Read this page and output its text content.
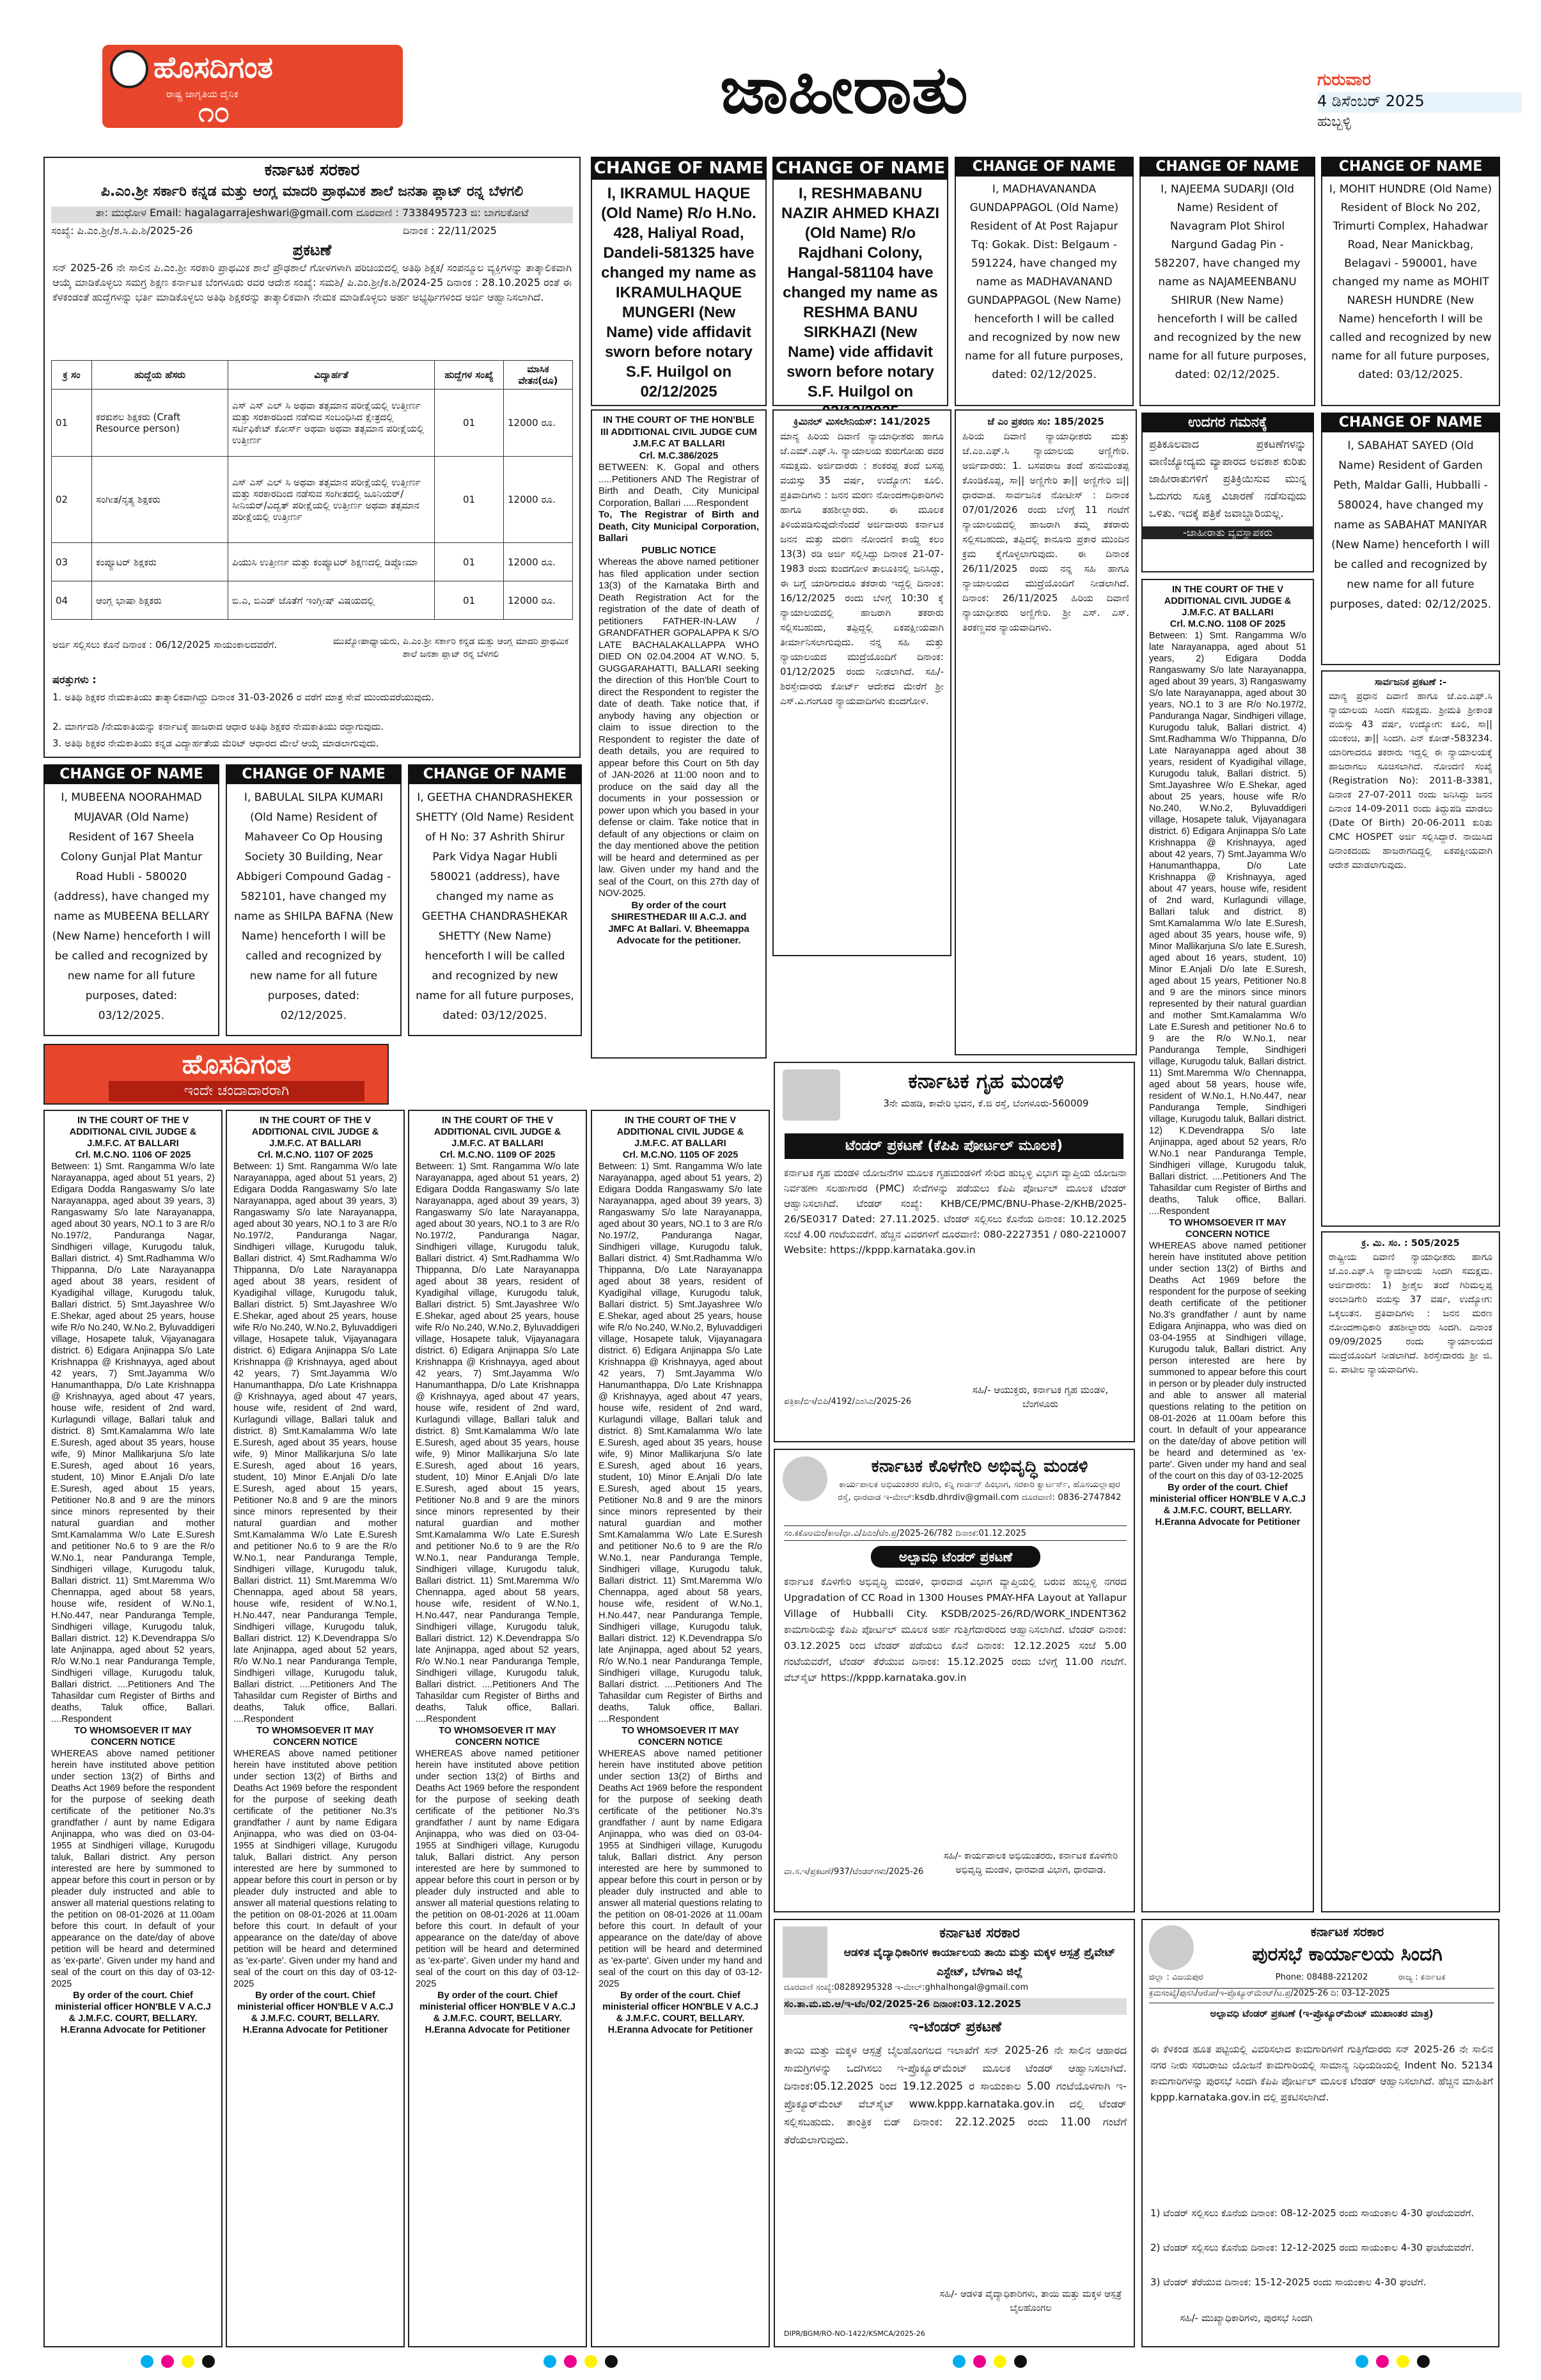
ಹೊಸದಿಗಂತ
ರಾಷ್ಟ್ರ ಜಾಗೃತಿಯ ದೈನಿಕ
೧೦	ಜಾಹೀರಾತು	ಗುರುವಾರ
4 ಡಿಸೆಂಬರ್ 2025
ಹುಬ್ಬಳ್ಳಿ
ಕರ್ನಾಟಕ ಸರಕಾರ
ಪಿ.ಎಂ.ಶ್ರೀ ಸರ್ಕಾರಿ ಕನ್ನಡ ಮತ್ತು ಆಂಗ್ಲ ಮಾದರಿ ಪ್ರಾಥಮಿಕ ಶಾಲೆ ಜನತಾ ಪ್ಲಾಟ್ ರನ್ನ ಬೆಳಗಲಿ
ತಾ: ಮುಧೋಳ Email: hagalagarrajeshwari@gmail.com ದೂರವಾಣಿ : 7338495723 ಜಿ: ಬಾಗಲಕೋಟೆ
ಸಂಖ್ಯೆ: ಪಿ.ಎಂ.ಶ್ರೀ/ಶ.ಸಿ.ಪಿ.ಶಿ/2025-26	ದಿನಾಂಕ : 22/11/2025
ಪ್ರಕಟಣೆ
ಸನ್ 2025-26 ನೇ ಸಾಲಿನ ಪಿ.ಎಂ.ಶ್ರೀ ಸರಕಾರಿ ಪ್ರಾಥಮಿಕ ಶಾಲೆ ಪ್ರೌಢಶಾಲೆ ಗೋಳಗಳಾಗಿ ಪರಿಚಿಯದಲ್ಲಿ ಅತಿಥಿ ಶಿಕ್ಷಕ/ ಸಂಪನ್ಮೂಲ ವ್ಯಕ್ತಿಗಳನ್ನು ತಾತ್ಕಾಲಿಕವಾಗಿ ಆಯ್ಕೆ ಮಾಡಿಕೊಳ್ಳಲು ಸಮಗ್ರ ಶಿಕ್ಷಣ ಕರ್ನಾಟಕ ಬೆಂಗಳೂರು ರವರ ಆದೇಶ ಸಂಖ್ಯೆ: ಸಮಶಿ/ ಪಿ.ಎಂ.ಶ್ರೀ/ಕ.ಶಿ/2024-25 ದಿನಾಂಕ : 28.10.2025 ರಂತೆ ಈ ಕೆಳಕಂಡಂತೆ ಹುದ್ದೆಗಳನ್ನು ಭರ್ತಿ ಮಾಡಿಕೊಳ್ಳಲು ಅತಿಥಿ ಶಿಕ್ಷಕರನ್ನು ತಾತ್ಕಾಲಿಕವಾಗಿ ನೇಮಕ ಮಾಡಿಕೊಳ್ಳಲು ಅರ್ಹ ಅಭ್ಯರ್ಥಿಗಳಿಂದ ಅರ್ಜಿ ಆಹ್ವಾನಿಸಲಾಗಿದೆ.
ಕ್ರ ಸಂ	ಹುದ್ದೆಯ ಹೆಸರು	ವಿದ್ಯಾರ್ಹತೆ	ಹುದ್ದೆಗಳ ಸಂಖ್ಯೆ	ಮಾಸಿಕ ವೇತನ(ರೂ)
01	ಕರಕುಶಲ ಶಿಕ್ಷಕರು (Craft Resource person)	ಎಸ್ ಎಸ್ ಎಲ್ ಸಿ ಅಥವಾ ತತ್ಸಮಾನ ಪರೀಕ್ಷೆಯಲ್ಲಿ ಉತ್ತೀರ್ಣ ಮತ್ತು ಸರಕಾರದಿಂದ ನಡೆಸುವ ಸಂಬಂಧಿಸಿದ ಕ್ಷೇತ್ರದಲ್ಲಿ ಸರ್ಟಿಫಿಕೇಟ್ ಕೋರ್ಸ್ ಅಥವಾ ಅಥವಾ ತತ್ಸಮಾನ ಪರೀಕ್ಷೆಯಲ್ಲಿ ಉತ್ತೀರ್ಣ	01	12000 ರೂ.
02	ಸಂಗೀತ/ನೃತ್ಯ ಶಿಕ್ಷಕರು	ಎಸ್ ಎಸ್ ಎಲ್ ಸಿ ಅಥವಾ ತತ್ಸಮಾನ ಪರೀಕ್ಷೆಯಲ್ಲಿ ಉತ್ತೀರ್ಣ ಮತ್ತು ಸರಕಾರದಿಂದ ನಡೆಸುವ ಸಂಗೀತದಲ್ಲಿ ಜೂನಿಯರ್/ಸೀನಿಯರ್/ವಿದ್ವತ್ ಪರೀಕ್ಷೆಯಲ್ಲಿ ಉತ್ತೀರ್ಣ ಅಥವಾ ತತ್ಸಮಾನ ಪರೀಕ್ಷೆಯಲ್ಲಿ ಉತ್ತೀರ್ಣ	01	12000 ರೂ.
03	ಕಂಪ್ಯೂಟರ್ ಶಿಕ್ಷಕರು	ಪಿಯುಸಿ ಉತ್ತೀರ್ಣ ಮತ್ತು ಕಂಪ್ಯೂಟರ್ ಶಿಕ್ಷಣದಲ್ಲಿ ಡಿಪ್ಲೋಮಾ	01	12000 ರೂ.
04	ಆಂಗ್ಲ ಭಾಷಾ ಶಿಕ್ಷಕರು	ಬಿ.ಎ, ಬಿಎಡ್ ಜೊತೆಗೆ ಇಂಗ್ಲೀಷ್ ವಿಷಯದಲ್ಲಿ	01	12000 ರೂ.
ಅರ್ಜಿ ಸಲ್ಲಿಸಲು ಕೊನೆ ದಿನಾಂಕ : 06/12/2025 ಸಾಯಂಕಾಲದವರೆಗೆ.	ಮುಖ್ಯೋಪಾಧ್ಯಾಯರು, ಪಿ.ಎಂ.ಶ್ರೀ ಸರ್ಕಾರಿ ಕನ್ನಡ ಮತ್ತು ಆಂಗ್ಲ ಮಾದರಿ ಪ್ರಾಥಮಿಕ ಶಾಲೆ ಜನತಾ ಪ್ಲಾಟ್ ರನ್ನ ಬೆಳಗಲಿ
ಷರತ್ತುಗಳು :
1. ಅತಿಥಿ ಶಿಕ್ಷಕರ ನೇಮಕಾತಿಯು ತಾತ್ಕಾಲಿಕವಾಗಿದ್ದು ದಿನಾಂಕ 31-03-2026 ರ ವರೆಗೆ ಮಾತ್ರ ಸೇವೆ ಮುಂದುವರೆಯುವುದು.
2. ಮಾರ್ಗದಶಿ /ನೇಮಕಾತಿಯನ್ನು ಕರ್ನಾಟಕ್ಕೆ ಹಾಜರಾದ ಆಧಾರ ಅತಿಥಿ ಶಿಕ್ಷಕರ ನೇಮಕಾತಿಯು ರದ್ದಾಗುವುದು.
3. ಅತಿಥಿ ಶಿಕ್ಷಕರ ನೇಮಕಾತಿಯು ಕನ್ನಡ ವಿದ್ಯಾರ್ಹತೆಯ ಮೆರಿಟ್ ಆಧಾರದ ಮೇಲೆ ಆಯ್ಕೆ ಮಾಡಲಾಗುವುದು.
CHANGE OF NAME
I, IKRAMUL HAQUE (Old Name) R/o H.No. 428, Haliyal Road, Dandeli-581325 have changed my name as IKRAMULHAQUE MUNGERI (New Name) vide affidavit sworn before notary S.F. Huilgol on 02/12/2025
CHANGE OF NAME
I, RESHMABANU NAZIR AHMED KHAZI (Old Name) R/o Rajdhani Colony, Hangal-581104 have changed my name as RESHMA BANU SIRKHAZI (New Name) vide affidavit sworn before notary S.F. Huilgol on
CHANGE OF NAME
I, MADHAVANANDA GUNDAPPAGOL (Old Name) Resident of At Post Rajapur Tq: Gokak. Dist: Belgaum - 591224, have changed my name as MADHAVANAND GUNDAPPAGOL (New Name) henceforth I will be called and recognized by now new name for all future purposes, dated: 02/12/2025.
CHANGE OF NAME
I, NAJEEMA SUDARJI (Old Name) Resident of Navagram Plot Shirol Nargund Gadag Pin - 582207, have changed my name as NAJAMEENBANU SHIRUR (New Name) henceforth I will be called and recognized by the new name for all future purposes, dated: 02/12/2025.
CHANGE OF NAME
I, MOHIT HUNDRE (Old Name) Resident of Block No 202, Trimurti Complex, Hahadwar Road, Near Manickbag, Belagavi - 590001, have changed my name as MOHIT NARESH HUNDRE (New Name) henceforth I will be called and recognized by new name for all future purposes, dated: 03/12/2025.
IN THE COURT OF THE HON'BLE III ADDITIONAL CIVIL JUDGE CUM J.M.F.C AT BALLARI
Crl. M.C.386/2025
BETWEEN: K. Gopal and others .....Petitioners AND The Registrar of Birth and Death, City Municipal Corporation, Ballari .....Respondent
To, The Registrar of Birth and Death, City Municipal Corporation, Ballari
PUBLIC NOTICE
Whereas the above named petitioner has filed application under section 13(3) of the Karnataka Birth and Death Registration Act for the registration of the date of death of petitioners FATHER-IN-LAW / GRANDFATHER GOPALAPPA K S/O LATE BACHALAKALLAPPA WHO DIED ON 02.04.2004 AT W.NO. 5, GUGGARAHATTI, BALLARI seeking the direction of this Hon'ble Court to direct the Respondent to register the date of death. Take notice that, if anybody having any objection or claim to issue direction to the Respondent to register the date of death details, you are required to appear before this Court on 5th day of JAN-2026 at 11:00 noon and to produce on the said day all the documents in your possession or power upon which you based in your defense or claim. Take notice that in default of any objections or claim on the day mentioned above the petition will be heard and determined as per law. Given under my hand and the seal of the Court, on this 27th day of NOV-2025.
By order of the court SHIRESTHEDAR III A.C.J. and JMFC At Ballari. V. Bheemappa Advocate for the petitioner.
ಕ್ರಿಮಿನಲ್ ಮಿಸಲೇನಿಯಸ್: 141/2025
ಮಾನ್ಯ ಹಿರಿಯ ದಿವಾಣಿ ನ್ಯಾಯಾಧೀಶರು ಹಾಗೂ ಜೆ.ಎಮ್.ಎಫ್.ಸಿ. ನ್ಯಾಯಾಲಯ ಕುರುಗೋಡು ರವರ ಸಮಕ್ಷಮ. ಅರ್ಜಿದಾರರು : ಶಂಕರಪ್ಪ ತಂದೆ ಬಸಪ್ಪ ವಯಸ್ಸು 35 ವರ್ಷ, ಉದ್ಯೋಗ: ಕೂಲಿ. ಪ್ರತಿವಾದಿಗಳು : ಜನನ ಮರಣ ನೋಂದಣಾಧಿಕಾರಿಗಳು ಹಾಗೂ ತಹಶೀಲ್ದಾರರು. ಈ ಮೂಲಕ ತಿಳಿಯಪಡಿಸುವುದೇನೆಂದರೆ ಅರ್ಜಿದಾರರು ಕರ್ನಾಟಕ ಜನನ ಮತ್ತು ಮರಣ ನೋಂದಣಿ ಕಾಯ್ದೆ ಕಲಂ 13(3) ರಡಿ ಅರ್ಜಿ ಸಲ್ಲಿಸಿದ್ದು ದಿನಾಂಕ 21-07-1983 ರಂದು ಕುಂದಗೋಳ ತಾಲೂಕಿನಲ್ಲಿ ಜನಿಸಿದ್ದು, ಈ ಬಗ್ಗೆ ಯಾರಿಗಾದರೂ ತಕರಾರು ಇದ್ದಲ್ಲಿ ದಿನಾಂಕ: 16/12/2025 ರಂದು ಬೆಳಿಗ್ಗೆ 10:30 ಕ್ಕೆ ನ್ಯಾಯಾಲಯದಲ್ಲಿ ಹಾಜರಾಗಿ ತಕರಾರು ಸಲ್ಲಿಸಬಹುದು, ತಪ್ಪಿದ್ದಲ್ಲಿ ಏಕಪಕ್ಷೀಯವಾಗಿ ತೀರ್ಮಾನಿಸಲಾಗುವುದು. ನನ್ನ ಸಹಿ ಮತ್ತು ನ್ಯಾಯಾಲಯದ ಮುದ್ರೆಯೊಂದಿಗೆ ದಿನಾಂಕ: 01/12/2025 ರಂದು ನೀಡಲಾಗಿದೆ. ಸಹಿ/- ಶಿರಸ್ತೇದಾರರು ಕೋರ್ಟ್ ಆದೇಶದ ಮೇರೆಗೆ ಶ್ರೀ ಎಸ್.ವಿ.ಗಂಗೂರ ನ್ಯಾಯವಾದಿಗಳು ಕುಂದಗೋಳ.
ಜೆ ಎಂ ಪ್ರಕರಣ ಸಂ: 185/2025
ಹಿರಿಯ ದಿವಾಣಿ ನ್ಯಾಯಾಧೀಶರು ಮತ್ತು ಜೆ.ಎಂ.ಎಫ್.ಸಿ ನ್ಯಾಯಾಲಯ ಅಣ್ಣಿಗೇರಿ. ಅರ್ಜಿದಾರರು: 1. ಬಸವರಾಜ ತಂದೆ ಹನುಮಂತಪ್ಪ ಕೊಂಡಿಕೊಪ್ಪ, ಸಾ|| ಅಣ್ಣಿಗೇರಿ ತಾ|| ಅಣ್ಣಿಗೇರಿ ಜಿ|| ಧಾರವಾಡ. ಸಾರ್ವಜನಿಕ ನೋಟೀಸ್ : ದಿನಾಂಕ 07/01/2026 ರಂದು ಬೆಳಿಗ್ಗೆ 11 ಗಂಟೆಗೆ ನ್ಯಾಯಾಲಯದಲ್ಲಿ ಹಾಜರಾಗಿ ತಮ್ಮ ತಕರಾರು ಸಲ್ಲಿಸಬಹುದು, ತಪ್ಪಿದಲ್ಲಿ ಕಾನೂನು ಪ್ರಕಾರ ಮುಂದಿನ ಕ್ರಮ ಕೈಗೊಳ್ಳಲಾಗುವುದು. ಈ ದಿನಾಂಕ 26/11/2025 ರಂದು ನನ್ನ ಸಹಿ ಹಾಗೂ ನ್ಯಾಯಾಲಯದ ಮುದ್ರೆಯೊಂದಿಗೆ ನೀಡಲಾಗಿದೆ. ದಿನಾಂಕ: 26/11/2025 ಹಿರಿಯ ದಿವಾಣಿ ನ್ಯಾಯಾಧೀಶರು ಅಣ್ಣಿಗೇರಿ. ಶ್ರೀ ಎಸ್. ಎಸ್. ತಿರಕಣ್ಣವರ ನ್ಯಾಯವಾದಿಗಳು.
ಉದಗರ ಗಮನಕ್ಕೆ
ಪ್ರತಿಕೂಲವಾದ ಪ್ರಕಟಣೆಗಳನ್ನು ವಾಣಿಜ್ಯೋದ್ಯಮ ವ್ಯಾಪಾರದ ಅವಕಾಶ ಕುರಿತು ಜಾಹೀರಾತುಗಳಿಗೆ ಪ್ರತಿಕ್ರಿಯಿಸುವ ಮುನ್ನ ಓದುಗರು ಸೂಕ್ತ ವಿಚಾರಣೆ ನಡೆಸುವುದು ಒಳಿತು. ಇದಕ್ಕೆ ಪತ್ರಿಕೆ ಜವಾಬ್ದಾರಿಯಲ್ಲ.
-ಜಾಹೀರಾತು ವ್ಯವಸ್ಥಾಪಕರು
CHANGE OF NAME
I, SABAHAT SAYED (Old Name) Resident of Garden Peth, Maldar Galli, Hubballi - 580024, have changed my name as SABAHAT MANIYAR (New Name) henceforth I will be called and recognized by new name for all future purposes, dated: 02/12/2025.
IN THE COURT OF THE V ADDITIONAL CIVIL JUDGE & J.M.F.C. AT BALLARI
Crl. M.C.NO. 1108 OF 2025
Between: 1) Smt. Rangamma W/o late Narayanappa, aged about 51 years, 2) Edigara Dodda Rangaswamy S/o late Narayanappa, aged about 39 years, 3) Rangaswamy S/o late Narayanappa, aged about 30 years, NO.1 to 3 are R/o No.197/2, Panduranga Nagar, Sindhigeri village, Kurugodu taluk, Ballari district. 4) Smt.Radhamma W/o Thippanna, D/o Late Narayanappa aged about 38 years, resident of Kyadigihal village, Kurugodu taluk, Ballari district. 5) Smt.Jayashree W/o E.Shekar, aged about 25 years, house wife R/o No.240, W.No.2, Byluvaddigeri village, Hosapete taluk, Vijayanagara district. 6) Edigara Anjinappa S/o Late Krishnappa @ Krishnayya, aged about 42 years, 7) Smt.Jayamma W/o Hanumanthappa, D/o Late Krishnappa @ Krishnayya, aged about 47 years, house wife, resident of 2nd ward, Kurlagundi village, Ballari taluk and district. 8) Smt.Kamalamma W/o late E.Suresh, aged about 35 years, house wife, 9) Minor Mallikarjuna S/o late E.Suresh, aged about 16 years, student, 10) Minor E.Anjali D/o late E.Suresh, aged about 15 years, Petitioner No.8 and 9 are the minors since minors represented by their natural guardian and mother Smt.Kamalamma W/o Late E.Suresh and petitioner No.6 to 9 are the R/o W.No.1, near Panduranga Temple, Sindhigeri village, Kurugodu taluk, Ballari district. 11) Smt.Maremma W/o Chennappa, aged about 58 years, house wife, resident of W.No.1, H.No.447, near Panduranga Temple, Sindhigeri village, Kurugodu taluk, Ballari district. 12) K.Devendrappa S/o late Anjinappa, aged about 52 years, R/o W.No.1 near Panduranga Temple, Sindhigeri village, Kurugodu taluk, Ballari district. ....Petitioners And The Tahasildar cum Register of Births and deaths, Taluk office, Ballari. ....Respondent
TO WHOMSOEVER IT MAY CONCERN NOTICE
WHEREAS above named petitioner herein have instituted above petition under section 13(2) of Births and Deaths Act 1969 before the respondent for the purpose of seeking death certificate of the petitioner No.3's grandfather / aunt by name Edigara Anjinappa, who was died on 03-04-1955 at Sindhigeri village, Kurugodu taluk, Ballari district. Any person interested are here by summoned to appear before this court in person or by pleader duly instructed and able to answer all material questions relating to the petition on 08-01-2026 at 11.00am before this court. In default of your appearance on the date/day of above petition will be heard and determined as 'ex-parte'. Given under my hand and seal of the court on this day of 03-12-2025
By order of the court. Chief ministerial officer HON'BLE V A.C.J & J.M.F.C. COURT, BELLARY. H.Eranna Advocate for Petitioner
ಸಾರ್ವಜನಿಕ ಪ್ರಕಟಣೆ :-
ಮಾನ್ಯ ಪ್ರಧಾನ ದಿವಾಣಿ ಹಾಗೂ ಜೆ.ಎಂ.ಎಫ್.ಸಿ ನ್ಯಾಯಾಲಯ ಸಿಂದಗಿ ಸಮಕ್ಷಮ. ಶ್ರೀಮತಿ ಶ್ರೀಕಾಂತ ವಯಸ್ಸು 43 ವರ್ಷ, ಉದ್ಯೋಗ: ಕೂಲಿ, ಸಾ|| ಯಂಕಂಚಿ, ತಾ|| ಸಿಂದಗಿ. ಪಿನ್ ಕೋಡ್-583234. ಯಾರಿಗಾದರೂ ತಕರಾರು ಇದ್ದಲ್ಲಿ ಈ ನ್ಯಾಯಾಲಯಕ್ಕೆ ಹಾಜರಾಗಲು ಸೂಚಿಸಲಾಗಿದೆ. ನೋಂದಣಿ ಸಂಖ್ಯೆ (Registration No): 2011-B-3381, ದಿನಾಂಕ 27-07-2011 ರಂದು ಜನಿಸಿದ್ದು ಜನನ ದಿನಾಂಕ 14-09-2011 ರಂದು ತಿದ್ದುಪಡಿ ಮಾಡಲು (Date Of Birth) 20-06-2011 ಕುರಿತು CMC HOSPET ಅರ್ಜಿ ಸಲ್ಲಿಸಿದ್ದಾರೆ. ನಾಯಿಸಿದ ದಿನಾಂಕದಂದು ಹಾಜರಾಗದಿದ್ದಲ್ಲಿ ಏಕಪಕ್ಷೀಯವಾಗಿ ಆದೇಶ ಮಾಡಲಾಗುವುದು.
ಕ್ರ. ಮಿ. ಸಂ. : 505/2025
ರಾಷ್ಟ್ರೀಯ ದಿವಾಣಿ ನ್ಯಾಯಾಧೀಶರು ಹಾಗೂ ಜೆ.ಎಂ.ಎಫ್.ಸಿ ನ್ಯಾಯಾಲಯ ಸಿಂದಗಿ ಸಮಕ್ಷಮ. ಅರ್ಜಿದಾರರು: 1) ಶ್ರೀಶೈಲ ತಂದೆ ಗಿರಿಮಲ್ಲಪ್ಪ ಅಂಬಾಡಿಗೇರಿ ವಯಸ್ಸು 37 ವರ್ಷ, ಉದ್ಯೋಗ: ಒಕ್ಕಲುತನ. ಪ್ರತಿವಾದಿಗಳು : ಜನನ ಮರಣ ನೋಂದಣಾಧಿಕಾರಿ ತಹಶೀಲ್ದಾರರು ಸಿಂದಗಿ. ದಿನಾಂಕ 09/09/2025 ರಂದು ನ್ಯಾಯಾಲಯದ ಮುದ್ರೆಯೊಂದಿಗೆ ನೀಡಲಾಗಿದೆ. ಶಿರಸ್ತೇದಾರರು ಶ್ರೀ ಜಿ. ಬಿ. ಪಾಟೀಲ ನ್ಯಾಯವಾದಿಗಳು.
CHANGE OF NAME
I, MUBEENA NOORAHMAD MUJAVAR (Old Name) Resident of 167 Sheela Colony Gunjal Plat Mantur Road Hubli - 580020 (address), have changed my name as MUBEENA BELLARY (New Name) henceforth I will be called and recognized by new name for all future purposes, dated: 03/12/2025.
CHANGE OF NAME
I, BABULAL SILPA KUMARI (Old Name) Resident of Mahaveer Co Op Housing Society 30 Building, Near Abbigeri Compound Gadag - 582101, have changed my name as SHILPA BAFNA (New Name) henceforth I will be called and recognized by new name for all future purposes, dated: 02/12/2025.
CHANGE OF NAME
I, GEETHA CHANDRASHEKER SHETTY (Old Name) Resident of H No: 37 Ashrith Shirur Park Vidya Nagar Hubli 580021 (address), have changed my name as GEETHA CHANDRASHEKAR SHETTY (New Name) henceforth I will be called and recognized by new name for all future purposes, dated: 03/12/2025.
ಹೊಸದಿಗಂತ
ಇಂದೇ ಚಂದಾದಾರರಾಗಿ
IN THE COURT OF THE V ADDITIONAL CIVIL JUDGE & J.M.F.C. AT BALLARI
Crl. M.C.NO. 1106 OF 2025
Between: 1) Smt. Rangamma W/o late Narayanappa, aged about 51 years, 2) Edigara Dodda Rangaswamy S/o late Narayanappa, aged about 39 years, 3) Rangaswamy S/o late Narayanappa, aged about 30 years, NO.1 to 3 are R/o No.197/2, Panduranga Nagar, Sindhigeri village, Kurugodu taluk, Ballari district. 4) Smt.Radhamma W/o Thippanna, D/o Late Narayanappa aged about 38 years, resident of Kyadigihal village, Kurugodu taluk, Ballari district. 5) Smt.Jayashree W/o E.Shekar, aged about 25 years, house wife R/o No.240, W.No.2, Byluvaddigeri village, Hosapete taluk, Vijayanagara district. 6) Edigara Anjinappa S/o Late Krishnappa @ Krishnayya, aged about 42 years, 7) Smt.Jayamma W/o Hanumanthappa, D/o Late Krishnappa @ Krishnayya, aged about 47 years, house wife, resident of 2nd ward, Kurlagundi village, Ballari taluk and district. 8) Smt.Kamalamma W/o late E.Suresh, aged about 35 years, house wife, 9) Minor Mallikarjuna S/o late E.Suresh, aged about 16 years, student, 10) Minor E.Anjali D/o late E.Suresh, aged about 15 years, Petitioner No.8 and 9 are the minors since minors represented by their natural guardian and mother Smt.Kamalamma W/o Late E.Suresh and petitioner No.6 to 9 are the R/o W.No.1, near Panduranga Temple, Sindhigeri village, Kurugodu taluk, Ballari district. 11) Smt.Maremma W/o Chennappa, aged about 58 years, house wife, resident of W.No.1, H.No.447, near Panduranga Temple, Sindhigeri village, Kurugodu taluk, Ballari district. 12) K.Devendrappa S/o late Anjinappa, aged about 52 years, R/o W.No.1 near Panduranga Temple, Sindhigeri village, Kurugodu taluk, Ballari district. ....Petitioners And The Tahasildar cum Register of Births and deaths, Taluk office, Ballari. ....Respondent
TO WHOMSOEVER IT MAY CONCERN NOTICE
WHEREAS above named petitioner herein have instituted above petition under section 13(2) of Births and Deaths Act 1969 before the respondent for the purpose of seeking death certificate of the petitioner No.3's grandfather / aunt by name Edigara Anjinappa, who was died on 03-04-1955 at Sindhigeri village, Kurugodu taluk, Ballari district. Any person interested are here by summoned to appear before this court in person or by pleader duly instructed and able to answer all material questions relating to the petition on 08-01-2026 at 11.00am before this court. In default of your appearance on the date/day of above petition will be heard and determined as 'ex-parte'. Given under my hand and seal of the court on this day of 03-12-2025
By order of the court. Chief ministerial officer HON'BLE V A.C.J & J.M.F.C. COURT, BELLARY. H.Eranna Advocate for Petitioner
IN THE COURT OF THE V ADDITIONAL CIVIL JUDGE & J.M.F.C. AT BALLARI
Crl. M.C.NO. 1107 OF 2025
Between: 1) Smt. Rangamma W/o late Narayanappa, aged about 51 years, 2) Edigara Dodda Rangaswamy S/o late Narayanappa, aged about 39 years, 3) Rangaswamy S/o late Narayanappa, aged about 30 years, NO.1 to 3 are R/o No.197/2, Panduranga Nagar, Sindhigeri village, Kurugodu taluk, Ballari district. 4) Smt.Radhamma W/o Thippanna, D/o Late Narayanappa aged about 38 years, resident of Kyadigihal village, Kurugodu taluk, Ballari district. 5) Smt.Jayashree W/o E.Shekar, aged about 25 years, house wife R/o No.240, W.No.2, Byluvaddigeri village, Hosapete taluk, Vijayanagara district. 6) Edigara Anjinappa S/o Late Krishnappa @ Krishnayya, aged about 42 years, 7) Smt.Jayamma W/o Hanumanthappa, D/o Late Krishnappa @ Krishnayya, aged about 47 years, house wife, resident of 2nd ward, Kurlagundi village, Ballari taluk and district. 8) Smt.Kamalamma W/o late E.Suresh, aged about 35 years, house wife, 9) Minor Mallikarjuna S/o late E.Suresh, aged about 16 years, student, 10) Minor E.Anjali D/o late E.Suresh, aged about 15 years, Petitioner No.8 and 9 are the minors since minors represented by their natural guardian and mother Smt.Kamalamma W/o Late E.Suresh and petitioner No.6 to 9 are the R/o W.No.1, near Panduranga Temple, Sindhigeri village, Kurugodu taluk, Ballari district. 11) Smt.Maremma W/o Chennappa, aged about 58 years, house wife, resident of W.No.1, H.No.447, near Panduranga Temple, Sindhigeri village, Kurugodu taluk, Ballari district. 12) K.Devendrappa S/o late Anjinappa, aged about 52 years, R/o W.No.1 near Panduranga Temple, Sindhigeri village, Kurugodu taluk, Ballari district. ....Petitioners And The Tahasildar cum Register of Births and deaths, Taluk office, Ballari. ....Respondent
TO WHOMSOEVER IT MAY CONCERN NOTICE
WHEREAS above named petitioner herein have instituted above petition under section 13(2) of Births and Deaths Act 1969 before the respondent for the purpose of seeking death certificate of the petitioner No.3's grandfather / aunt by name Edigara Anjinappa, who was died on 03-04-1955 at Sindhigeri village, Kurugodu taluk, Ballari district. Any person interested are here by summoned to appear before this court in person or by pleader duly instructed and able to answer all material questions relating to the petition on 08-01-2026 at 11.00am before this court. In default of your appearance on the date/day of above petition will be heard and determined as 'ex-parte'. Given under my hand and seal of the court on this day of 03-12-2025
By order of the court. Chief ministerial officer HON'BLE V A.C.J & J.M.F.C. COURT, BELLARY. H.Eranna Advocate for Petitioner
IN THE COURT OF THE V ADDITIONAL CIVIL JUDGE & J.M.F.C. AT BALLARI
Crl. M.C.NO. 1109 OF 2025
Between: 1) Smt. Rangamma W/o late Narayanappa, aged about 51 years, 2) Edigara Dodda Rangaswamy S/o late Narayanappa, aged about 39 years, 3) Rangaswamy S/o late Narayanappa, aged about 30 years, NO.1 to 3 are R/o No.197/2, Panduranga Nagar, Sindhigeri village, Kurugodu taluk, Ballari district. 4) Smt.Radhamma W/o Thippanna, D/o Late Narayanappa aged about 38 years, resident of Kyadigihal village, Kurugodu taluk, Ballari district. 5) Smt.Jayashree W/o E.Shekar, aged about 25 years, house wife R/o No.240, W.No.2, Byluvaddigeri village, Hosapete taluk, Vijayanagara district. 6) Edigara Anjinappa S/o Late Krishnappa @ Krishnayya, aged about 42 years, 7) Smt.Jayamma W/o Hanumanthappa, D/o Late Krishnappa @ Krishnayya, aged about 47 years, house wife, resident of 2nd ward, Kurlagundi village, Ballari taluk and district. 8) Smt.Kamalamma W/o late E.Suresh, aged about 35 years, house wife, 9) Minor Mallikarjuna S/o late E.Suresh, aged about 16 years, student, 10) Minor E.Anjali D/o late E.Suresh, aged about 15 years, Petitioner No.8 and 9 are the minors since minors represented by their natural guardian and mother Smt.Kamalamma W/o Late E.Suresh and petitioner No.6 to 9 are the R/o W.No.1, near Panduranga Temple, Sindhigeri village, Kurugodu taluk, Ballari district. 11) Smt.Maremma W/o Chennappa, aged about 58 years, house wife, resident of W.No.1, H.No.447, near Panduranga Temple, Sindhigeri village, Kurugodu taluk, Ballari district. 12) K.Devendrappa S/o late Anjinappa, aged about 52 years, R/o W.No.1 near Panduranga Temple, Sindhigeri village, Kurugodu taluk, Ballari district. ....Petitioners And The Tahasildar cum Register of Births and deaths, Taluk office, Ballari. ....Respondent
TO WHOMSOEVER IT MAY CONCERN NOTICE
WHEREAS above named petitioner herein have instituted above petition under section 13(2) of Births and Deaths Act 1969 before the respondent for the purpose of seeking death certificate of the petitioner No.3's grandfather / aunt by name Edigara Anjinappa, who was died on 03-04-1955 at Sindhigeri village, Kurugodu taluk, Ballari district. Any person interested are here by summoned to appear before this court in person or by pleader duly instructed and able to answer all material questions relating to the petition on 08-01-2026 at 11.00am before this court. In default of your appearance on the date/day of above petition will be heard and determined as 'ex-parte'. Given under my hand and seal of the court on this day of 03-12-2025
By order of the court. Chief ministerial officer HON'BLE V A.C.J & J.M.F.C. COURT, BELLARY. H.Eranna Advocate for Petitioner
IN THE COURT OF THE V ADDITIONAL CIVIL JUDGE & J.M.F.C. AT BALLARI
Crl. M.C.NO. 1105 OF 2025
Between: 1) Smt. Rangamma W/o late Narayanappa, aged about 51 years, 2) Edigara Dodda Rangaswamy S/o late Narayanappa, aged about 39 years, 3) Rangaswamy S/o late Narayanappa, aged about 30 years, NO.1 to 3 are R/o No.197/2, Panduranga Nagar, Sindhigeri village, Kurugodu taluk, Ballari district. 4) Smt.Radhamma W/o Thippanna, D/o Late Narayanappa aged about 38 years, resident of Kyadigihal village, Kurugodu taluk, Ballari district. 5) Smt.Jayashree W/o E.Shekar, aged about 25 years, house wife R/o No.240, W.No.2, Byluvaddigeri village, Hosapete taluk, Vijayanagara district. 6) Edigara Anjinappa S/o Late Krishnappa @ Krishnayya, aged about 42 years, 7) Smt.Jayamma W/o Hanumanthappa, D/o Late Krishnappa @ Krishnayya, aged about 47 years, house wife, resident of 2nd ward, Kurlagundi village, Ballari taluk and district. 8) Smt.Kamalamma W/o late E.Suresh, aged about 35 years, house wife, 9) Minor Mallikarjuna S/o late E.Suresh, aged about 16 years, student, 10) Minor E.Anjali D/o late E.Suresh, aged about 15 years, Petitioner No.8 and 9 are the minors since minors represented by their natural guardian and mother Smt.Kamalamma W/o Late E.Suresh and petitioner No.6 to 9 are the R/o W.No.1, near Panduranga Temple, Sindhigeri village, Kurugodu taluk, Ballari district. 11) Smt.Maremma W/o Chennappa, aged about 58 years, house wife, resident of W.No.1, H.No.447, near Panduranga Temple, Sindhigeri village, Kurugodu taluk, Ballari district. 12) K.Devendrappa S/o late Anjinappa, aged about 52 years, R/o W.No.1 near Panduranga Temple, Sindhigeri village, Kurugodu taluk, Ballari district. ....Petitioners And The Tahasildar cum Register of Births and deaths, Taluk office, Ballari. ....Respondent
TO WHOMSOEVER IT MAY CONCERN NOTICE
WHEREAS above named petitioner herein have instituted above petition under section 13(2) of Births and Deaths Act 1969 before the respondent for the purpose of seeking death certificate of the petitioner No.3's grandfather / aunt by name Edigara Anjinappa, who was died on 03-04-1955 at Sindhigeri village, Kurugodu taluk, Ballari district. Any person interested are here by summoned to appear before this court in person or by pleader duly instructed and able to answer all material questions relating to the petition on 08-01-2026 at 11.00am before this court. In default of your appearance on the date/day of above petition will be heard and determined as 'ex-parte'. Given under my hand and seal of the court on this day of 03-12-2025
By order of the court. Chief ministerial officer HON'BLE V A.C.J & J.M.F.C. COURT, BELLARY. H.Eranna Advocate for Petitioner
ಕರ್ನಾಟಕ ಗೃಹ ಮಂಡಳಿ
3ನೇ ಮಹಡಿ, ಕಾವೇರಿ ಭವನ, ಕೆ.ಜಿ ರಸ್ತೆ, ಬೆಂಗಳೂರು-560009
ಟೆಂಡರ್ ಪ್ರಕಟಣೆ (ಕೆಪಿಪಿ ಪೋರ್ಟಲ್ ಮೂಲಕ)
ಕರ್ನಾಟಕ ಗೃಹ ಮಂಡಳಿ ಯೋಜನೆಗಳ ಮೂಲಕ ಗೃಹಮಂಡಳಿಗೆ ಸೇರಿದ ಹುಬ್ಬಳ್ಳಿ ವಿಭಾಗ ವ್ಯಾಪ್ತಿಯ ಯೋಜನಾ ನಿರ್ವಹಣಾ ಸಲಹಾಗಾರರ (PMC) ಸೇವೆಗಳನ್ನು ಪಡೆಯಲು ಕೆಪಿಪಿ ಪೋರ್ಟಲ್ ಮೂಲಕ ಟೆಂಡರ್ ಆಹ್ವಾನಿಸಲಾಗಿದೆ. ಟೆಂಡರ್ ಸಂಖ್ಯೆ: KHB/CE/PMC/BNU-Phase-2/KHB/2025-26/SE0317 Dated: 27.11.2025. ಟೆಂಡರ್ ಸಲ್ಲಿಸಲು ಕೊನೆಯ ದಿನಾಂಕ: 10.12.2025 ಸಂಜೆ 4.00 ಗಂಟೆಯವರೆಗೆ. ಹೆಚ್ಚಿನ ವಿವರಗಳಿಗೆ ದೂರವಾಣಿ: 080-2227351 / 080-2210007 Website: https://kppp.karnataka.gov.in
ಪತ್ರಿಕಾ/ಬಿಇ/ಬಿಪಿ/4192/ಎಂಸಿಎ/2025-26
ಸಹಿ/- ಆಯುಕ್ತರು, ಕರ್ನಾಟಕ ಗೃಹ ಮಂಡಳಿ, ಬೆಂಗಳೂರು
ಕರ್ನಾಟಕ ಕೊಳಗೇರಿ ಅಭಿವೃದ್ಧಿ ಮಂಡಳಿ
ಕಾರ್ಯಪಾಲಕ ಅಭಿಯಂತರರ ಕಚೇರಿ, ಕನ್ನಿ ಗಾರ್ಡನ್ ಹಿಂಭಾಗ, ಸರಕಾರಿ ಕ್ವಾರ್ಟರ್ಸ್, ಹೊಸಯಲ್ಲಾಪುರ ರಸ್ತೆ, ಧಾರವಾಡ ಇ-ಮೇಲ್:ksdb.dhrdiv@gmail.com ದೂರವಾಣಿ: 0836-2747842
ಸಂ.ಕಕೊಅಮಂ/ಕಾಅ/ಧಾ.ವಿ/ಪಿಎಂ/ಟೆಂ.ಪ್ರ/2025-26/782 ದಿನಾಂಕ:01.12.2025
ಅಲ್ಪಾವಧಿ ಟೆಂಡರ್ ಪ್ರಕಟಣೆ
ಕರ್ನಾಟಕ ಕೊಳಗೇರಿ ಅಭಿವೃದ್ಧಿ ಮಂಡಳಿ, ಧಾರವಾಡ ವಿಭಾಗ ವ್ಯಾಪ್ತಿಯಲ್ಲಿ ಬರುವ ಹುಬ್ಬಳ್ಳಿ ನಗರದ Upgradation of CC Road in 1300 Houses PMAY-HFA Layout at Yallapur Village of Hubballi City. KSDB/2025-26/RD/WORK_INDENT362 ಕಾಮಗಾರಿಯನ್ನು ಕೆಪಿಪಿ ಪೋರ್ಟಲ್ ಮೂಲಕ ಅರ್ಹ ಗುತ್ತಿಗೆದಾರರಿಂದ ಆಹ್ವಾನಿಸಲಾಗಿದೆ. ಟೆಂಡರ್ ದಿನಾಂಕ: 03.12.2025 ರಿಂದ ಟೆಂಡರ್ ಪಡೆಯಲು ಕೊನೆ ದಿನಾಂಕ: 12.12.2025 ಸಂಜೆ 5.00 ಗಂಟೆಯವರೆಗೆ, ಟೆಂಡರ್ ತೆರೆಯುವ ದಿನಾಂಕ: 15.12.2025 ರಂದು ಬೆಳಿಗ್ಗೆ 11.00 ಗಂಟೆಗೆ. ವೆಬ್‌ಸೈಟ್ https://kppp.karnataka.gov.in
ಸಹಿ/- ಕಾರ್ಯಪಾಲಕ ಅಭಿಯಂತರರು, ಕರ್ನಾಟಕ ಕೊಳಗೇರಿ ಅಭಿವೃದ್ಧಿ ಮಂಡಳಿ, ಧಾರವಾಡ ವಿಭಾಗ, ಧಾರವಾಡ.
ವಾ.ಸ.ಇ/ಪ್ರಕಟಣೆ/937/ಟೆಂಡರ್‌ಗಳು/2025-26
ಕರ್ನಾಟಕ ಸರಕಾರ
ಆಡಳಿತ ವೈದ್ಯಾಧಿಕಾರಿಗಳ ಕಾರ್ಯಾಲಯ ತಾಯಿ ಮತ್ತು ಮಕ್ಕಳ ಆಸ್ಪತ್ರೆ ಪ್ರೈವೇಟ್ ಎಸ್ಟೇಟ್, ಬೆಳಗಾವಿ ಜಿಲ್ಲೆ
ದೂರವಾಣಿ ಸಂಖ್ಯೆ:08289295328 ಇ-ಮೇಲ್:ghhalhongal@gmail.com
ಸಂ.ತಾ.ಮ.ಮ.ಆ/ಇ-ಟೆಂ/02/2025-26 ದಿನಾಂಕ:03.12.2025
ಇ-ಟೆಂಡರ್ ಪ್ರಕಟಣೆ
ತಾಯಿ ಮತ್ತು ಮಕ್ಕಳ ಆಸ್ಪತ್ರೆ ಬೈಲಹೊಂಗಲದ ಇಲಾಖೆಗೆ ಸನ್ 2025-26 ನೇ ಸಾಲಿನ ಆಹಾರದ ಸಾಮಗ್ರಿಗಳನ್ನು ಒದಗಿಸಲು ಇ-ಪ್ರೊಕ್ಯೂರ್‌ಮೆಂಟ್ ಮೂಲಕ ಟೆಂಡರ್ ಆಹ್ವಾನಿಸಲಾಗಿದೆ. ದಿನಾಂಕ:05.12.2025 ರಿಂದ 19.12.2025 ರ ಸಾಯಂಕಾಲ 5.00 ಗಂಟೆಯೊಳಗಾಗಿ ಇ-ಪ್ರೊಕ್ಯೂರ್‌ಮೆಂಟ್ ವೆಬ್‌ಸೈಟ್ www.kppp.karnataka.gov.in ದಲ್ಲಿ ಟೆಂಡರ್ ಸಲ್ಲಿಸಬಹುದು. ತಾಂತ್ರಿಕ ಬಿಡ್ ದಿನಾಂಕ: 22.12.2025 ರಂದು 11.00 ಗಂಟೆಗೆ ತೆರೆಯಲಾಗುವುದು.
ಸಹಿ/- ಆಡಳಿತ ವೈದ್ಯಾಧಿಕಾರಿಗಳು, ತಾಯಿ ಮತ್ತು ಮಕ್ಕಳ ಆಸ್ಪತ್ರೆ ಬೈಲಹೊಂಗಲ
DIPR/BGM/RO-NO-1422/KSMCA/2025-26
ಕರ್ನಾಟಕ ಸರಕಾರ
ಪುರಸಭೆ ಕಾರ್ಯಾಲಯ ಸಿಂದಗಿ
ಜಿಲ್ಲಾ : ವಿಜಯಪುರ	Phone: 08488-221202	ರಾಜ್ಯ : ಕರ್ನಾಟಕ
ಕ್ರಮಸಂಖ್ಯೆ/ಪುಸಸಿ/ಆರೋ/ಇ-ಪ್ರೊಕ್ಯೂರ್‌ಮೆಂಟ್/ಟ.ಪ್ರ/2025-26 ದಿ: 03-12-2025
ಅಲ್ಪಾವಧಿ ಟೆಂಡರ್ ಪ್ರಕಟಣೆ (ಇ-ಪ್ರೊಕ್ಯೂರ್‌ಮೆಂಟ್ ಮುಖಾಂತರ ಮಾತ್ರ)
ಈ ಕೆಳಕಂಡ ಹೂತ ಪಟ್ಟಿಯಲ್ಲಿ ವಿವರಿಸಲಾದ ಕಾಮಗಾರಿಗಳಿಗೆ ಗುತ್ತಿಗೆದಾರರು ಸನ್ 2025-26 ನೇ ಸಾಲಿನ ನಗರ ನೀರು ಸರಬರಾಜು ಯೋಜನೆ ಕಾಮಗಾರಿಯಲ್ಲಿ ಸಾಮಾನ್ಯ ನಿಧಿಯಡಿಯಲ್ಲಿ Indent No. 52134 ಕಾಮಗಾರಿಗಳನ್ನು ಪುರಸಭೆ ಸಿಂದಗಿ ಕೆಪಿಪಿ ಪೋರ್ಟಲ್ ಮೂಲಕ ಟೆಂಡರ್ ಆಹ್ವಾನಿಸಲಾಗಿದೆ. ಹೆಚ್ಚಿನ ಮಾಹಿತಿಗೆ kppp.karnataka.gov.in ದಲ್ಲಿ ಪ್ರಕಟಿಸಲಾಗಿದೆ.
1) ಟೆಂಡರ್ ಸಲ್ಲಿಸಲು ಕೊನೆಯ ದಿನಾಂಕ: 08-12-2025 ರಂದು ಸಾಯಂಕಾಲ 4-30 ಘಂಟೆಯವರೆಗೆ.
2) ಟೆಂಡರ್ ಸಲ್ಲಿಸಲು ಕೊನೆಯ ದಿನಾಂಕ: 12-12-2025 ರಂದು ಸಾಯಂಕಾಲ 4-30 ಘಂಟೆಯವರೆಗೆ.
3) ಟೆಂಡರ್ ತೆರೆಯುವ ದಿನಾಂಕ: 15-12-2025 ರಂದು ಸಾಯಂಕಾಲ 4-30 ಘಂಟೆಗೆ.
ಸಹಿ/- ಮುಖ್ಯಾಧಿಕಾರಿಗಳು, ಪುರಸಭೆ ಸಿಂದಗಿ
